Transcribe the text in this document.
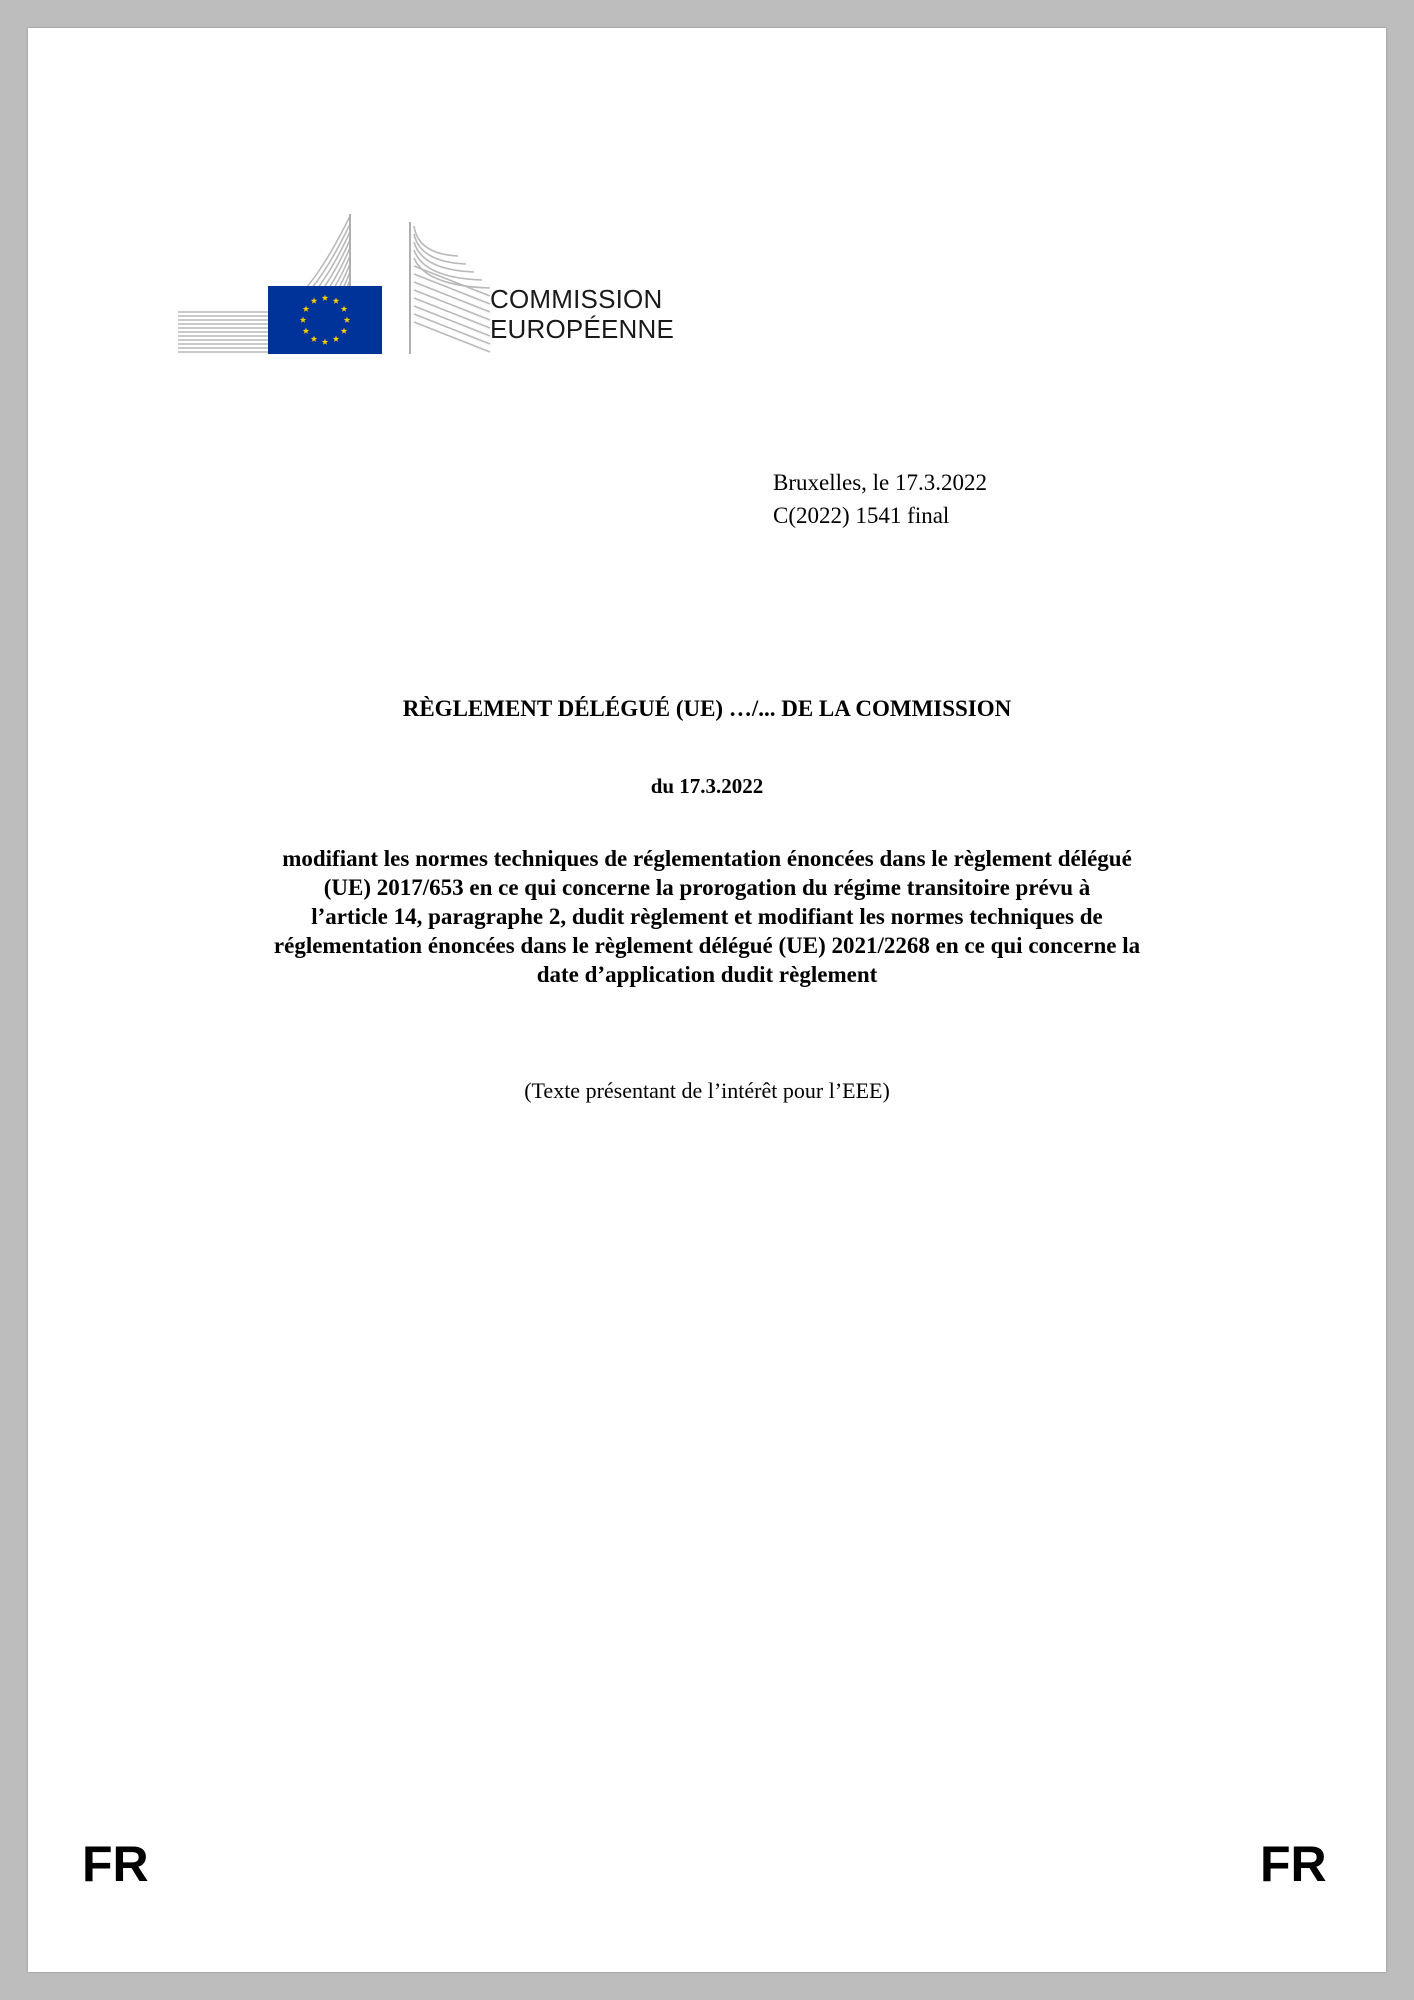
COMMISSION
EUROPÉENNE
Bruxelles, le 17.3.2022
C(2022) 1541 final
RÈGLEMENT DÉLÉGUÉ (UE) …/... DE LA COMMISSION
du 17.3.2022
modifiant les normes techniques de réglementation énoncées dans le règlement délégué
(UE) 2017/653 en ce qui concerne la prorogation du régime transitoire prévu à
l’article 14, paragraphe 2, dudit règlement et modifiant les normes techniques de
réglementation énoncées dans le règlement délégué (UE) 2021/2268 en ce qui concerne la
date d’application dudit règlement
(Texte présentant de l’intérêt pour l’EEE)
FR	FR
